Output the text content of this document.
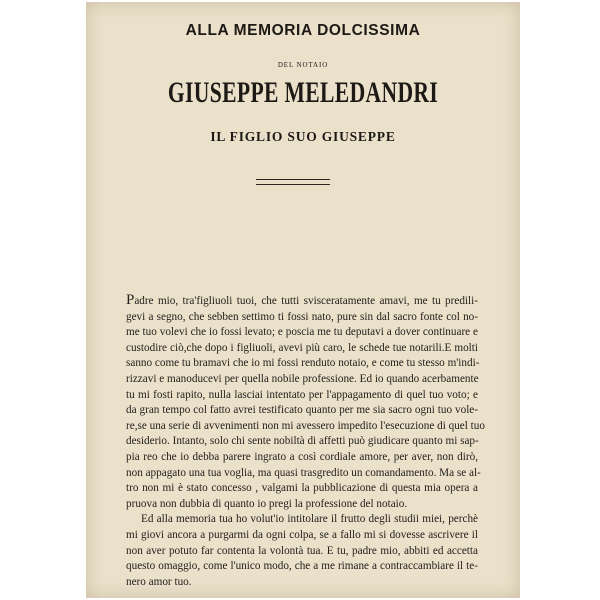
ALLA MEMORIA DOLCISSIMA
DEL NOTAIO
GIUSEPPE MELEDANDRI
IL FIGLIO SUO GIUSEPPE
Padre mio, tra'figliuoli tuoi, che tutti svisceratamente amavi, me tu predili-
gevi a segno, che sebben settimo ti fossi nato, pure sin dal sacro fonte col no-
me tuo volevi che io fossi levato; e poscia me tu deputavi a dover continuare e
custodire ciò,che dopo i figliuoli, avevi più caro, le schede tue notarili.E molti
sanno come tu bramavi che io mi fossi renduto notaio, e come tu stesso m'indi-
rizzavi e manoducevi per quella nobile professione. Ed io quando acerbamente
tu mi fosti rapito, nulla lasciai intentato per l'appagamento di quel tuo voto; e
da gran tempo col fatto avrei testificato quanto per me sia sacro ogni tuo vole-
re,se una serie di avvenimenti non mi avessero impedito l'esecuzione di quel tuo
desiderio. Intanto, solo chi sente nobiltà di affetti può giudicare quanto mi sap-
pia reo che io debba parere ingrato a così cordiale amore, per aver, non dirò,
non appagato una tua voglia, ma quasi trasgredito un comandamento. Ma se al-
tro non mi è stato concesso , valgami la pubblicazione di questa mia opera a
pruova non dubbia di quanto io pregi la professione del notaio.
Ed alla memoria tua ho volut'io intitolare il frutto degli studii miei, perchè
mi giovi ancora a purgarmi da ogni colpa, se a fallo mi si dovesse ascrivere il
non aver potuto far contenta la volontà tua. E tu, padre mio, abbiti ed accetta
questo omaggio, come l'unico modo, che a me rimane a contraccambiare il te-
nero amor tuo.
